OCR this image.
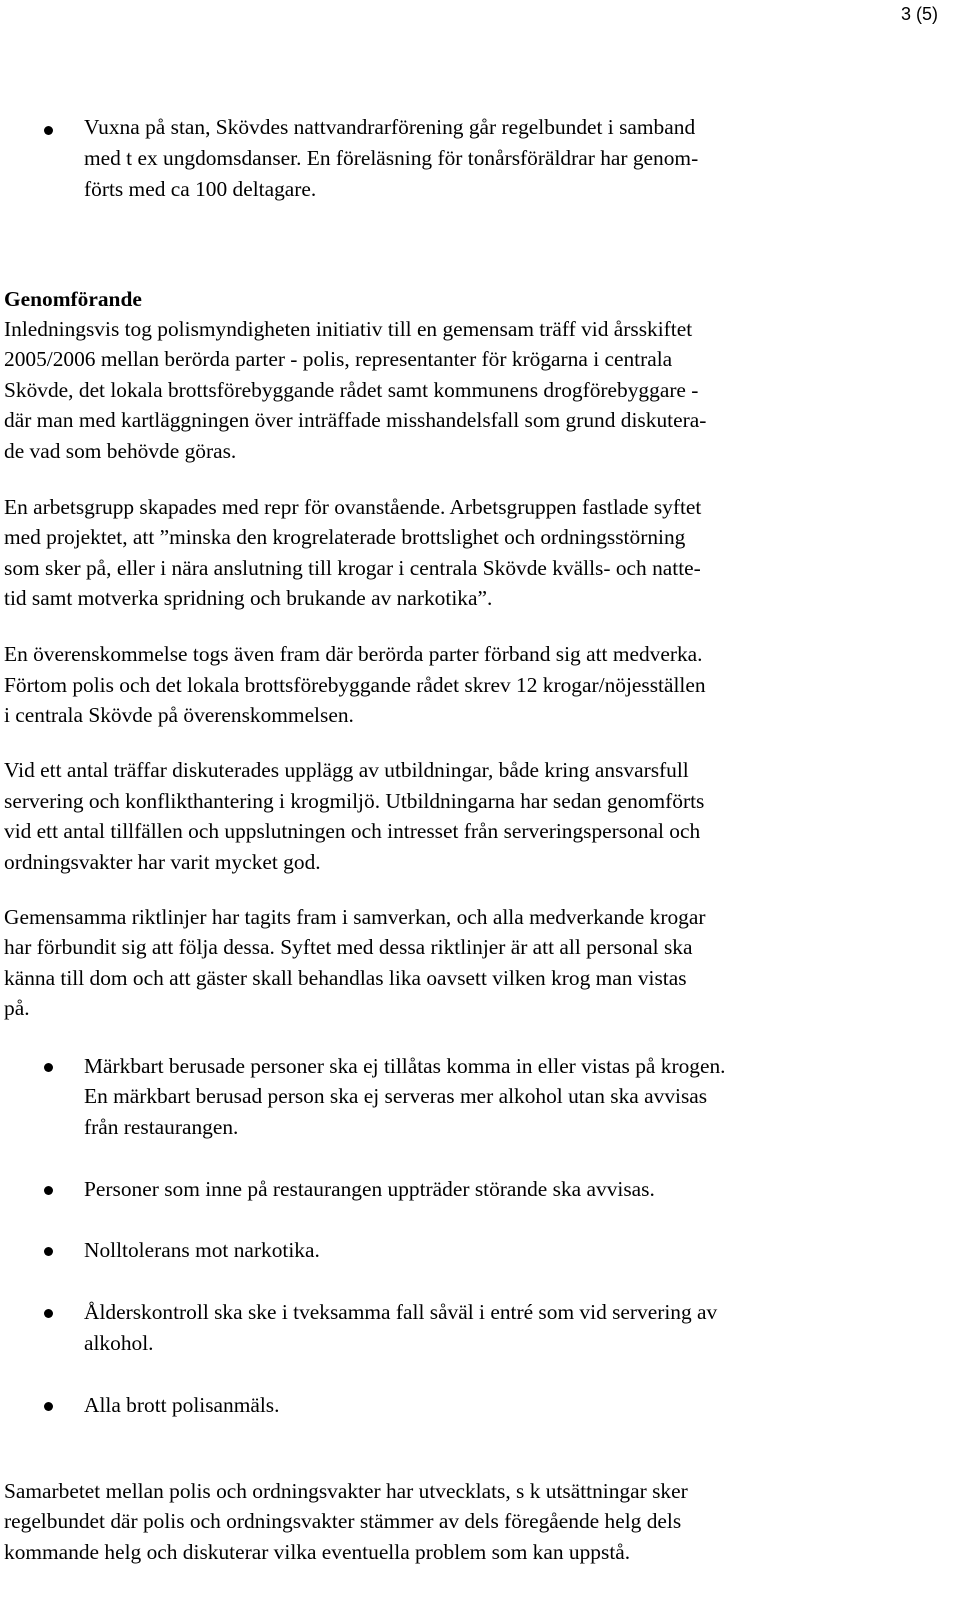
3 (5)
Vuxna på stan, Skövdes nattvandrarförening går regelbundet i samband
med t ex ungdomsdanser. En föreläsning för tonårsföräldrar har genom-
förts med ca 100 deltagare.
Genomförande
Inledningsvis tog polismyndigheten initiativ till en gemensam träff vid årsskiftet
2005/2006 mellan berörda parter - polis, representanter för krögarna i centrala
Skövde, det lokala brottsförebyggande rådet samt kommunens drogförebyggare -
där man med kartläggningen över inträffade misshandelsfall som grund diskutera-
de vad som behövde göras.
En arbetsgrupp skapades med repr för ovanstående. Arbetsgruppen fastlade syftet
med projektet, att ”minska den krogrelaterade brottslighet och ordningsstörning
som sker på, eller i nära anslutning till krogar i centrala Skövde kvälls- och natte-
tid samt motverka spridning och brukande av narkotika”.
En överenskommelse togs även fram där berörda parter förband sig att medverka.
Förtom polis och det lokala brottsförebyggande rådet skrev 12 krogar/nöjesställen
i centrala Skövde på överenskommelsen.
Vid ett antal träffar diskuterades upplägg av utbildningar, både kring ansvarsfull
servering och konflikthantering i krogmiljö. Utbildningarna har sedan genomförts
vid ett antal tillfällen och uppslutningen och intresset från serveringspersonal och
ordningsvakter har varit mycket god.
Gemensamma riktlinjer har tagits fram i samverkan, och alla medverkande krogar
har förbundit sig att följa dessa. Syftet med dessa riktlinjer är att all personal ska
känna till dom och att gäster skall behandlas lika oavsett vilken krog man vistas
på.
Märkbart berusade personer ska ej tillåtas komma in eller vistas på krogen.
En märkbart berusad person ska ej serveras mer alkohol utan ska avvisas
från restaurangen.
Personer som inne på restaurangen uppträder störande ska avvisas.
Nolltolerans mot narkotika.
Ålderskontroll ska ske i tveksamma fall såväl i entré som vid servering av
alkohol.
Alla brott polisanmäls.
Samarbetet mellan polis och ordningsvakter har utvecklats, s k utsättningar sker
regelbundet där polis och ordningsvakter stämmer av dels föregående helg dels
kommande helg och diskuterar vilka eventuella problem som kan uppstå.
